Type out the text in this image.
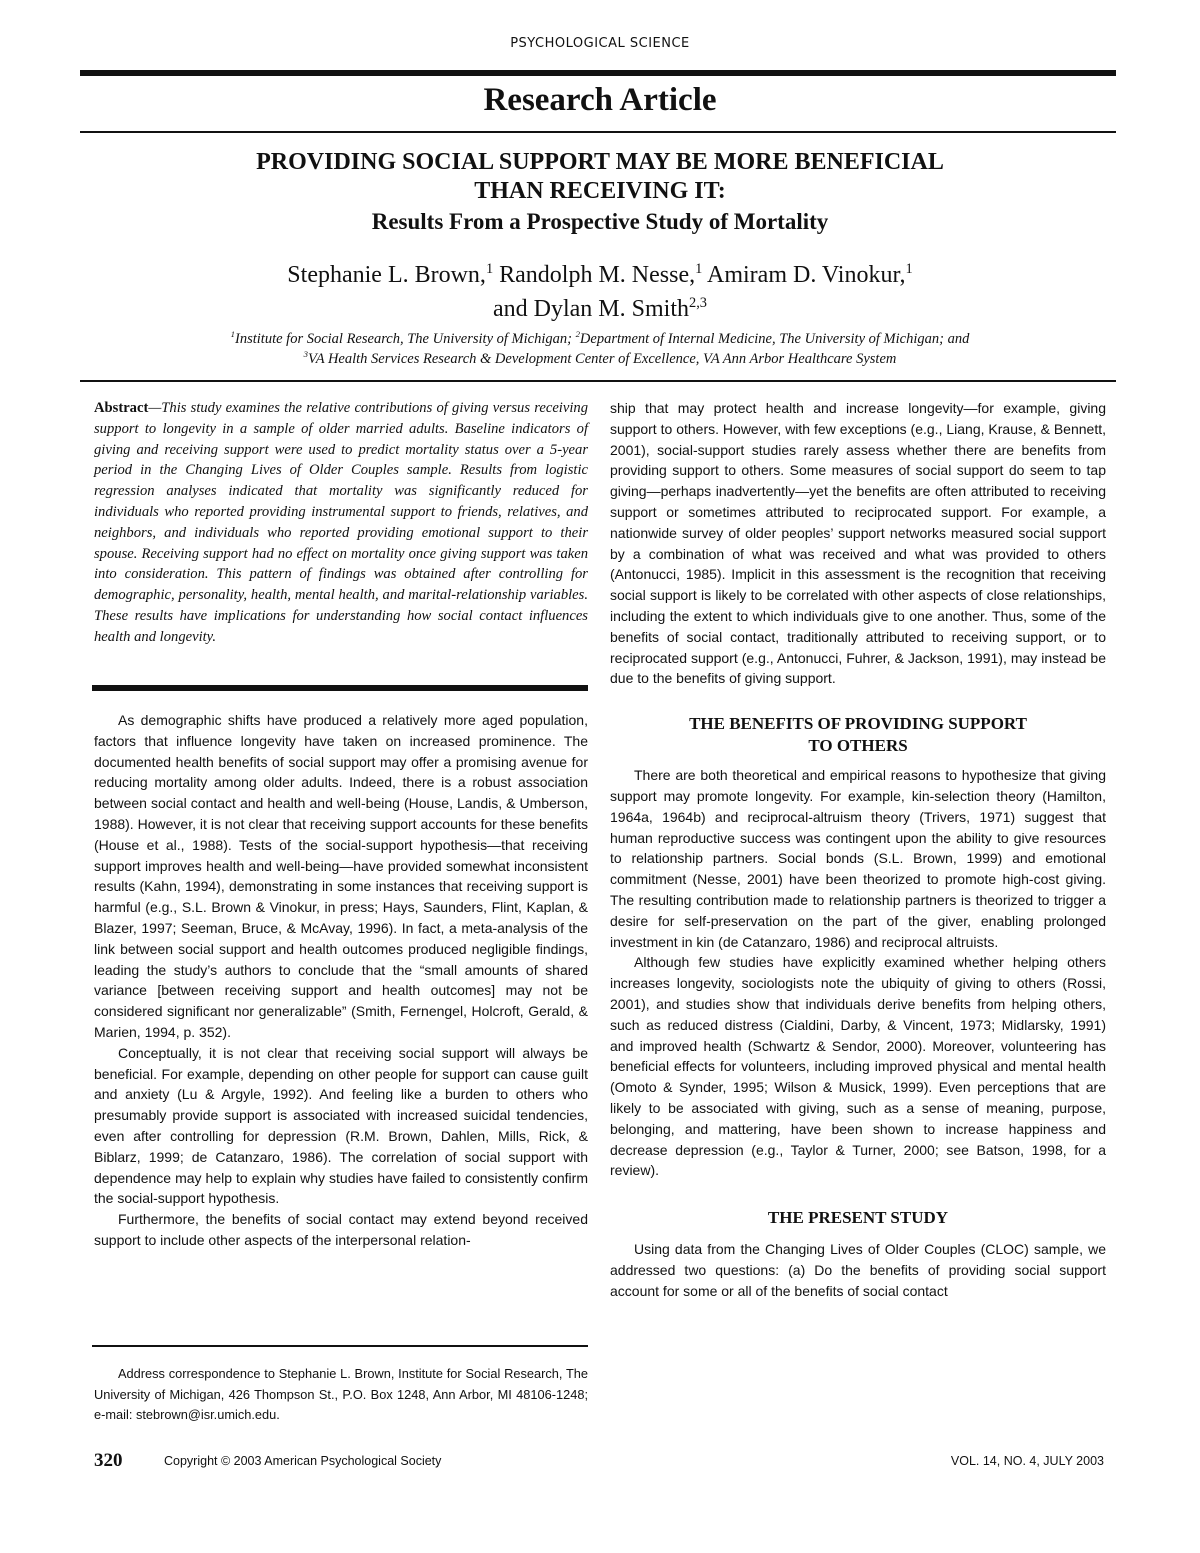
PSYCHOLOGICAL SCIENCE
Research Article
PROVIDING SOCIAL SUPPORT MAY BE MORE BENEFICIAL
THAN RECEIVING IT:
Results From a Prospective Study of Mortality
Stephanie L. Brown,$^1$ Randolph M. Nesse,$^1$ Amiram D. Vinokur,$^1$
and Dylan M. Smith$^{2,3}$
$^1$Institute for Social Research, The University of Michigan; $^2$Department of Internal Medicine, The University of Michigan; and
$^3$VA Health Services Research & Development Center of Excellence, VA Ann Arbor Healthcare System
Abstract—This study examines the relative contributions of giving versus receiving support to longevity in a sample of older married adults. Baseline indicators of giving and receiving support were used to predict mortality status over a 5-year period in the Changing Lives of Older Couples sample. Results from logistic regression analyses indicated that mortality was significantly reduced for individuals who reported providing instrumental support to friends, relatives, and neighbors, and individuals who reported providing emotional support to their spouse. Receiving support had no effect on mortality once giving support was taken into consideration. This pattern of findings was obtained after controlling for demographic, personality, health, mental health, and marital-relationship variables. These results have implications for understanding how social contact influences health and longevity.

As demographic shifts have produced a relatively more aged population, factors that influence longevity have taken on increased prominence. The documented health benefits of social support may offer a promising avenue for reducing mortality among older adults. Indeed, there is a robust association between social contact and health and well-being (House, Landis, & Umberson, 1988). However, it is not clear that receiving support accounts for these benefits (House et al., 1988). Tests of the social-support hypothesis—that receiving support improves health and well-being—have provided somewhat inconsistent results (Kahn, 1994), demonstrating in some instances that receiving support is harmful (e.g., S.L. Brown & Vinokur, in press; Hays, Saunders, Flint, Kaplan, & Blazer, 1997; Seeman, Bruce, & McAvay, 1996). In fact, a meta-analysis of the link between social support and health outcomes produced negligible findings, leading the study’s authors to conclude that the “small amounts of shared variance [between receiving support and health outcomes] may not be considered significant nor generalizable” (Smith, Fernengel, Holcroft, Gerald, & Marien, 1994, p. 352).

Conceptually, it is not clear that receiving social support will always be beneficial. For example, depending on other people for support can cause guilt and anxiety (Lu & Argyle, 1992). And feeling like a burden to others who presumably provide support is associated with increased suicidal tendencies, even after controlling for depression (R.M. Brown, Dahlen, Mills, Rick, & Biblarz, 1999; de Catanzaro, 1986). The correlation of social support with dependence may help to explain why studies have failed to consistently confirm the social-support hypothesis.

Furthermore, the benefits of social contact may extend beyond received support to include other aspects of the interpersonal relation-

Address correspondence to Stephanie L. Brown, Institute for Social Research, The University of Michigan, 426 Thompson St., P.O. Box 1248, Ann Arbor, MI 48106-1248; e-mail: stebrown@isr.umich.edu.

ship that may protect health and increase longevity—for example, giving support to others. However, with few exceptions (e.g., Liang, Krause, & Bennett, 2001), social-support studies rarely assess whether there are benefits from providing support to others. Some measures of social support do seem to tap giving—perhaps inadvertently—yet the benefits are often attributed to receiving support or sometimes attributed to reciprocated support. For example, a nationwide survey of older peoples’ support networks measured social support by a combination of what was received and what was provided to others (Antonucci, 1985). Implicit in this assessment is the recognition that receiving social support is likely to be correlated with other aspects of close relationships, including the extent to which individuals give to one another. Thus, some of the benefits of social contact, traditionally attributed to receiving support, or to reciprocated support (e.g., Antonucci, Fuhrer, & Jackson, 1991), may instead be due to the benefits of giving support.

THE BENEFITS OF PROVIDING SUPPORT
TO OTHERS

There are both theoretical and empirical reasons to hypothesize that giving support may promote longevity. For example, kin-selection theory (Hamilton, 1964a, 1964b) and reciprocal-altruism theory (Trivers, 1971) suggest that human reproductive success was contingent upon the ability to give resources to relationship partners. Social bonds (S.L. Brown, 1999) and emotional commitment (Nesse, 2001) have been theorized to promote high-cost giving. The resulting contribution made to relationship partners is theorized to trigger a desire for self-preservation on the part of the giver, enabling prolonged investment in kin (de Catanzaro, 1986) and reciprocal altruists.

Although few studies have explicitly examined whether helping others increases longevity, sociologists note the ubiquity of giving to others (Rossi, 2001), and studies show that individuals derive benefits from helping others, such as reduced distress (Cialdini, Darby, & Vincent, 1973; Midlarsky, 1991) and improved health (Schwartz & Sendor, 2000). Moreover, volunteering has beneficial effects for volunteers, including improved physical and mental health (Omoto & Synder, 1995; Wilson & Musick, 1999). Even perceptions that are likely to be associated with giving, such as a sense of meaning, purpose, belonging, and mattering, have been shown to increase happiness and decrease depression (e.g., Taylor & Turner, 2000; see Batson, 1998, for a review).

THE PRESENT STUDY

Using data from the Changing Lives of Older Couples (CLOC) sample, we addressed two questions: (a) Do the benefits of providing social support account for some or all of the benefits of social contact

320	Copyright © 2003 American Psychological Society	VOL. 14, NO. 4, JULY 2003
